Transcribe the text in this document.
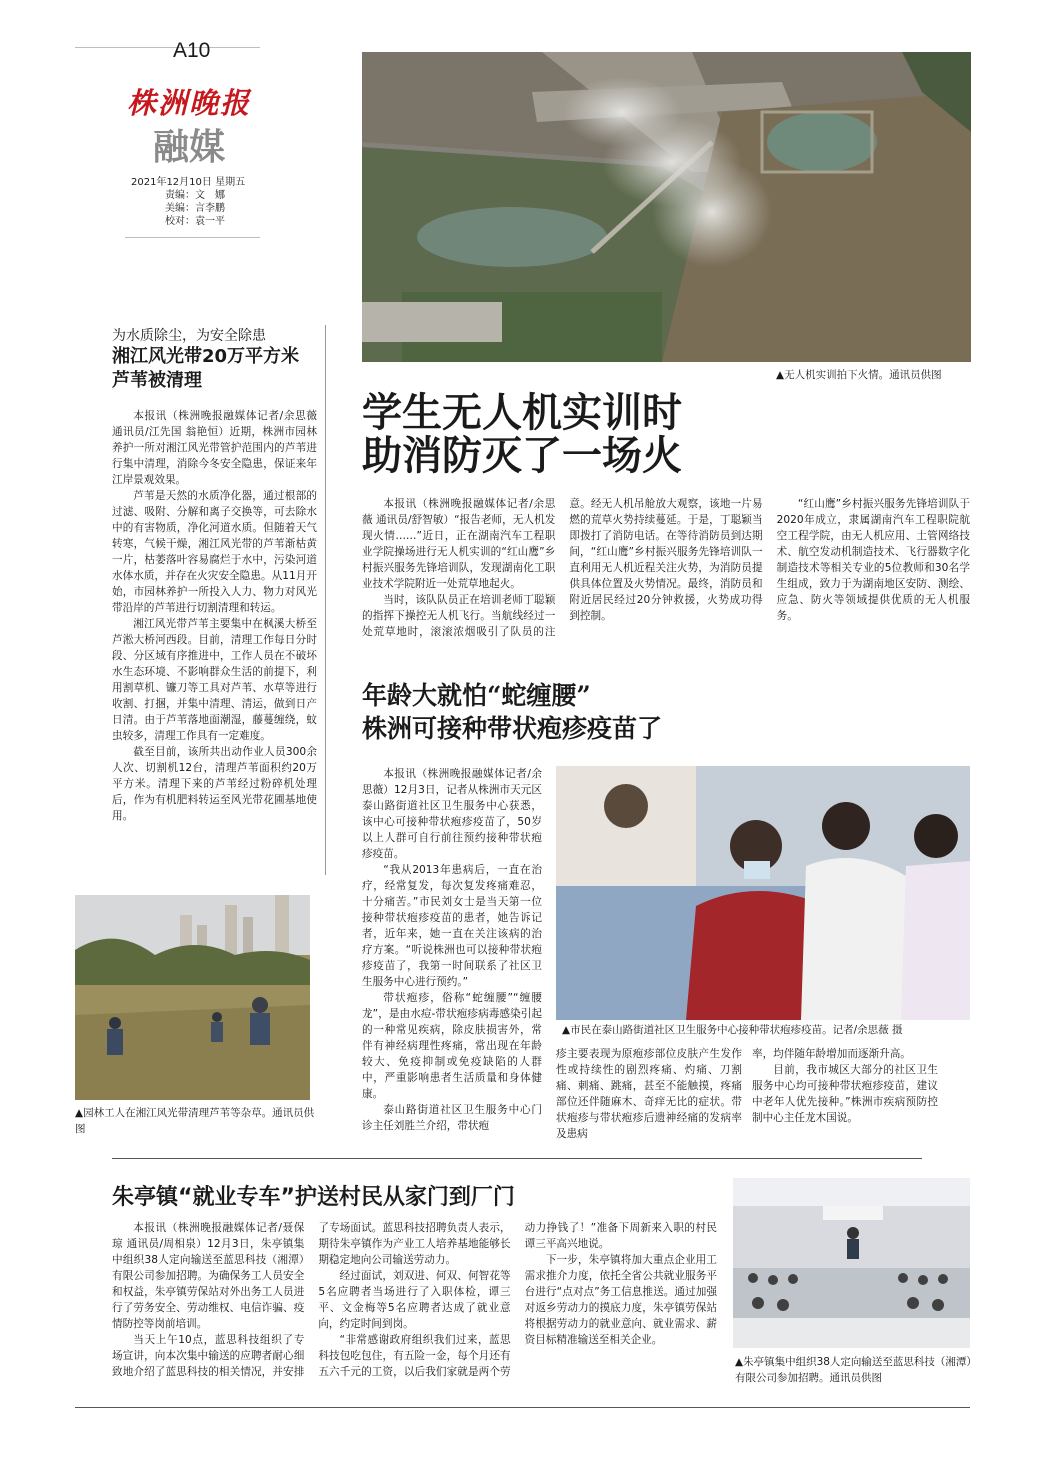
A10
株洲晚报
融媒
2021年12月10日 星期五
责编：文　娜
美编：言李鹏
校对：袁一平
▲无人机实训拍下火情。通讯员供图
为水质除尘，为安全除患
湘江风光带20万平方米芦苇被清理

本报讯（株洲晚报融媒体记者/余思薇 通讯员/江先国 翁艳恒）近期，株洲市园林养护一所对湘江风光带管护范围内的芦苇进行集中清理，消除今冬安全隐患，保证来年江岸景观效果。

芦苇是天然的水质净化器，通过根部的过滤、吸附、分解和离子交换等，可去除水中的有害物质，净化河道水质。但随着天气转寒，气候干燥，湘江风光带的芦苇渐枯黄一片，枯萎落叶容易腐烂于水中，污染河道水体水质，并存在火灾安全隐患。从11月开始，市园林养护一所投入人力、物力对风光带沿岸的芦苇进行切割清理和转运。

湘江风光带芦苇主要集中在枫溪大桥至芦淞大桥河西段。目前，清理工作每日分时段、分区域有序推进中，工作人员在不破坏水生态环境、不影响群众生活的前提下，利用割草机、镰刀等工具对芦苇、水草等进行收割、打捆，并集中清理、清运，做到日产日清。由于芦苇落地面潮湿，藤蔓缠绕，蚊虫较多，清理工作具有一定难度。

截至目前，该所共出动作业人员300余人次、切割机12台，清理芦苇面积约20万平方米。清理下来的芦苇经过粉碎机处理后，作为有机肥料转运至风光带花圃基地使用。

▲园林工人在湘江风光带清理芦苇等杂草。通讯员供图
学生无人机实训时
助消防灭了一场火

本报讯（株洲晚报融媒体记者/余思薇 通讯员/舒智敏）“报告老师，无人机发现火情……”近日，正在湖南汽车工程职业学院操场进行无人机实训的“红山鹰”乡村振兴服务先锋培训队，发现湖南化工职业技术学院附近一处荒草地起火。

当时，该队队员正在培训老师丁聪颖的指挥下操控无人机飞行。当航线经过一处荒草地时，滚滚浓烟吸引了队员的注意。经无人机吊舱放大观察，该地一片易燃的荒草火势持续蔓延。于是，丁聪颖当即拨打了消防电话。在等待消防员到达期间，“红山鹰”乡村振兴服务先锋培训队一直利用无人机近程关注火势，为消防员提供具体位置及火势情况。最终，消防员和附近居民经过20分钟救援，火势成功得到控制。

“红山鹰”乡村振兴服务先锋培训队于2020年成立，隶属湖南汽车工程职院航空工程学院，由无人机应用、土管网络技术、航空发动机制造技术、飞行器数字化制造技术等相关专业的5位教师和30名学生组成，致力于为湖南地区安防、测绘、应急、防火等领域提供优质的无人机服务。

年龄大就怕“蛇缠腰”
株洲可接种带状疱疹疫苗了

本报讯（株洲晚报融媒体记者/余思薇）12月3日，记者从株洲市天元区泰山路街道社区卫生服务中心获悉，该中心可接种带状疱疹疫苗了，50岁以上人群可自行前往预约接种带状疱疹疫苗。

“我从2013年患病后，一直在治疗，经常复发，每次复发疼痛难忍，十分痛苦。”市民刘女士是当天第一位接种带状疱疹疫苗的患者，她告诉记者，近年来，她一直在关注该病的治疗方案。“听说株洲也可以接种带状疱疹疫苗了，我第一时间联系了社区卫生服务中心进行预约。”

带状疱疹，俗称“蛇缠腰”“缠腰龙”，是由水痘-带状疱疹病毒感染引起的一种常见疾病，除皮肤损害外，常伴有神经病理性疼痛，常出现在年龄较大、免疫抑制或免疫缺陷的人群中，严重影响患者生活质量和身体健康。

泰山路街道社区卫生服务中心门诊主任刘胜兰介绍，带状疱

▲市民在泰山路街道社区卫生服务中心接种带状疱疹疫苗。记者/余思薇 摄

疹主要表现为原疱疹部位皮肤产生发作性或持续性的剧烈疼痛、灼痛、刀割痛、刺痛、跳痛，甚至不能触摸，疼痛部位还伴随麻木、奇痒无比的症状。带状疱疹与带状疱疹后遗神经痛的发病率及患病

率，均伴随年龄增加而逐渐升高。

目前，我市城区大部分的社区卫生服务中心均可接种带状疱疹疫苗，建议中老年人优先接种。”株洲市疾病预防控制中心主任龙木国说。

朱亭镇“就业专车”护送村民从家门到厂门

本报讯（株洲晚报融媒体记者/聂保琼 通讯员/周相泉）12月3日，朱亭镇集中组织38人定向输送至蓝思科技（湘潭）有限公司参加招聘。为确保务工人员安全和权益，朱亭镇劳保站对外出务工人员进行了劳务安全、劳动维权、电信诈骗、疫情防控等岗前培训。

当天上午10点，蓝思科技组织了专场宣讲，向本次集中输送的应聘者耐心细致地介绍了蓝思科技的相关情况，并安排了专场面试。蓝思科技招聘负责人表示，期待朱亭镇作为产业工人培养基地能够长期稳定地向公司输送劳动力。

经过面试，刘双进、何双、何智花等5名应聘者当场进行了入职体检，谭三平、文金梅等5名应聘者达成了就业意向，约定时间到岗。

“非常感谢政府组织我们过来，蓝思科技包吃包住，有五险一金，每个月还有五六千元的工资，以后我们家就是两个劳动力挣钱了！”准备下周新来入职的村民谭三平高兴地说。

下一步，朱亭镇将加大重点企业用工需求推介力度，依托全省公共就业服务平台进行“点对点”务工信息推送。通过加强对返乡劳动力的摸底力度，朱亭镇劳保站将根据劳动力的就业意向、就业需求、薪资目标精准输送至相关企业。

▲朱亭镇集中组织38人定向输送至蓝思科技（湘潭）有限公司参加招聘。通讯员供图
